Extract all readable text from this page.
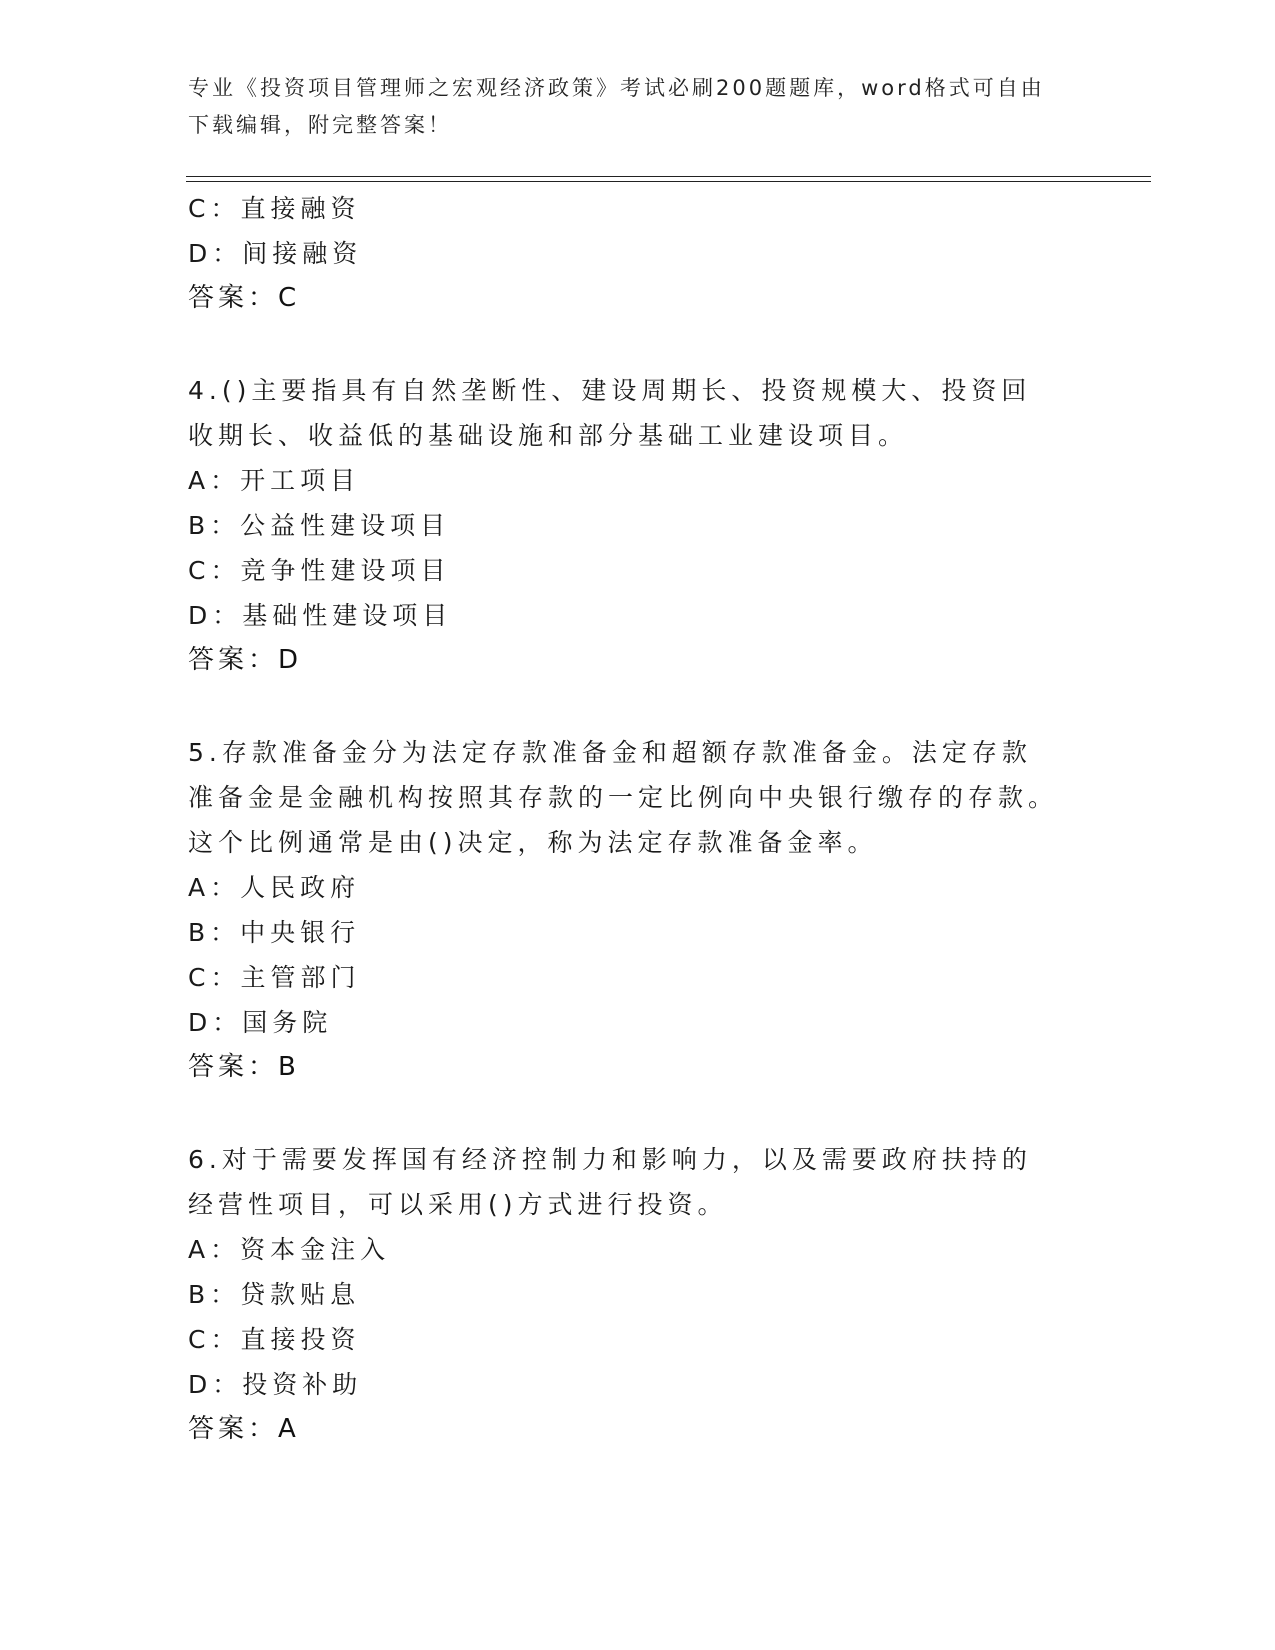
专业《投资项目管理师之宏观经济政策》考试必刷200题题库，word格式可自由下载编辑，附完整答案！
C：直接融资
D：间接融资
答案：C
4.()主要指具有自然垄断性、建设周期长、投资规模大、投资回收期长、收益低的基础设施和部分基础工业建设项目。
A：开工项目
B：公益性建设项目
C：竞争性建设项目
D：基础性建设项目
答案：D
5.存款准备金分为法定存款准备金和超额存款准备金。法定存款准备金是金融机构按照其存款的一定比例向中央银行缴存的存款。这个比例通常是由()决定，称为法定存款准备金率。
A：人民政府
B：中央银行
C：主管部门
D：国务院
答案：B
6.对于需要发挥国有经济控制力和影响力，以及需要政府扶持的经营性项目，可以采用()方式进行投资。
A：资本金注入
B：贷款贴息
C：直接投资
D：投资补助
答案：A
